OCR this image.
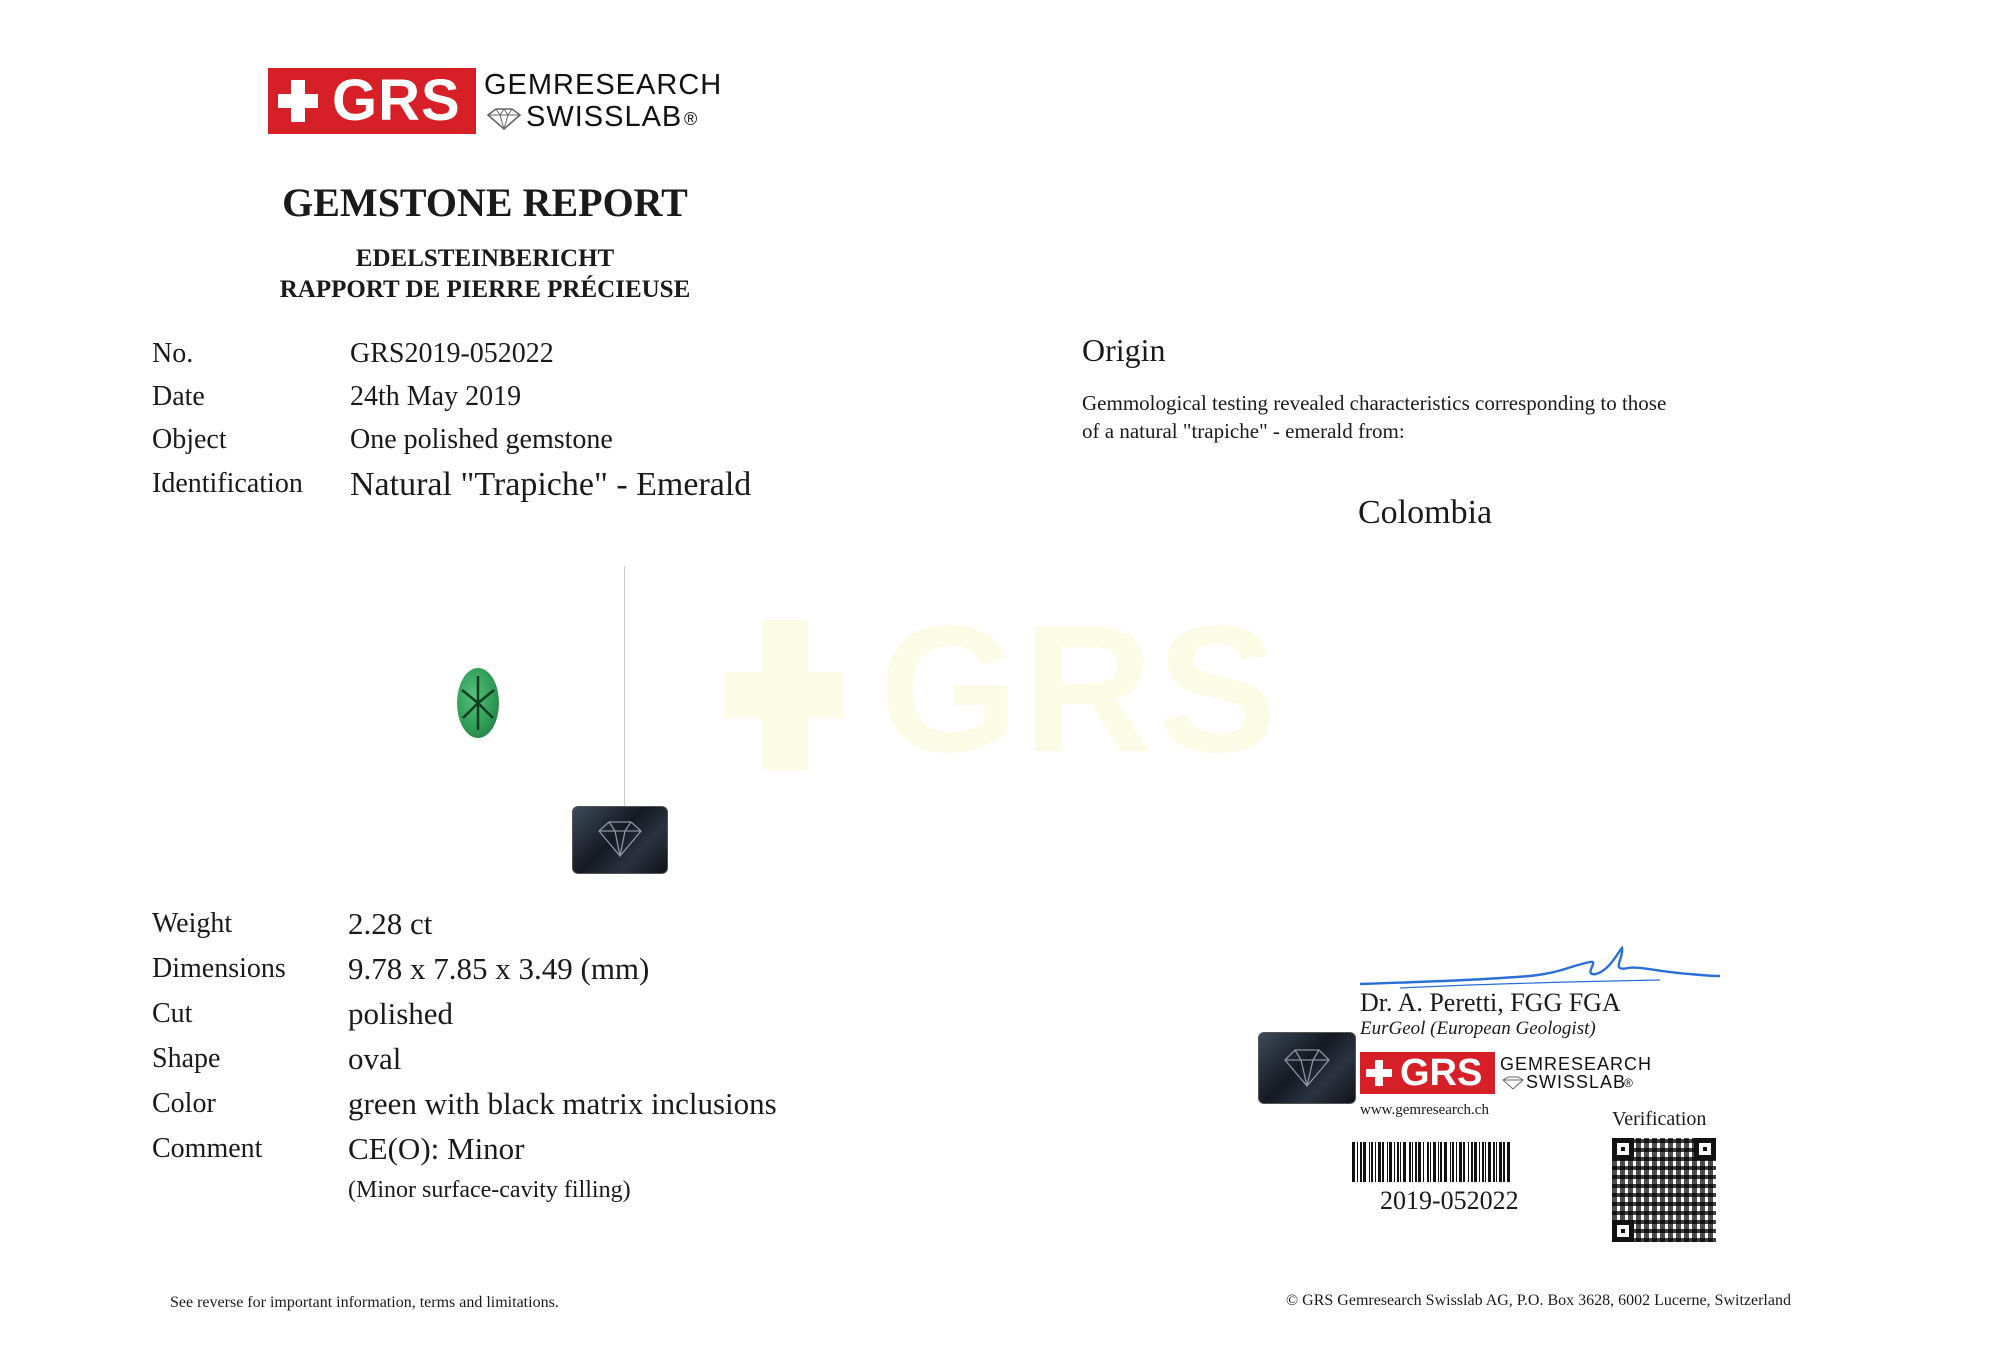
GRS GEMRESEARCH
SWISSLAB ®
GEMSTONE REPORT
EDELSTEINBERICHT
RAPPORT DE PIERRE PRÉCIEUSE
No.	GRS2019-052022
Date	24th May 2019
Object	One polished gemstone
Identification Natural "Trapiche" - Emerald
GRS
Weight	2.28 ct
Dimensions 9.78 x 7.85 x 3.49 (mm)
Cut	polished
Shape	oval
Color	green with black matrix inclusions
Comment	CE(O): Minor
(Minor surface-cavity filling)
Origin
Gemmological testing revealed characteristics corresponding to those
of a natural "trapiche" - emerald from:
Colombia
Dr. A. Peretti, FGG FGA
EurGeol (European Geologist)
GRS GEMRESEARCH
SWISSLAB
®
www.gemresearch.ch
2019-052022
Verification
See reverse for important information, terms and limitations.	© GRS Gemresearch Swisslab AG, P.O. Box 3628, 6002 Lucerne, Switzerland
